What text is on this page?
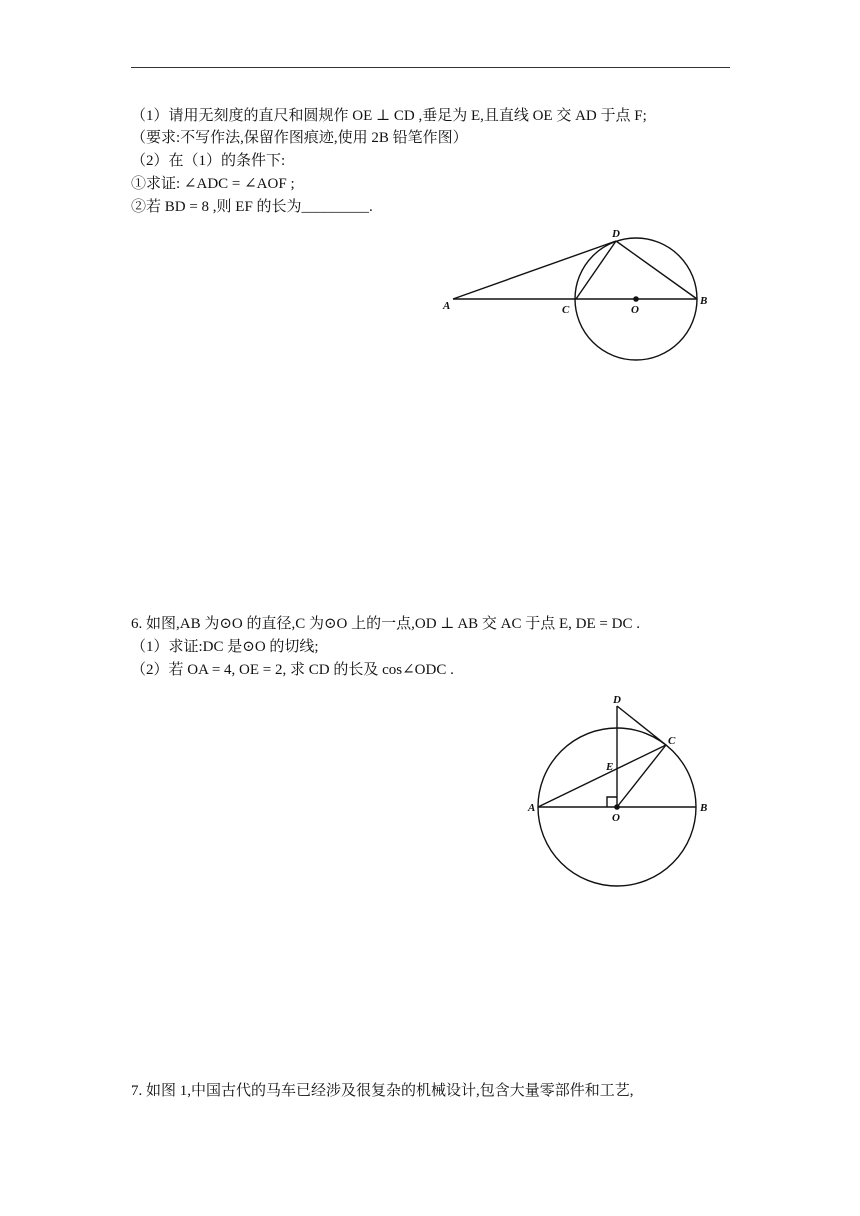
（1）请用无刻度的直尺和圆规作 OE ⊥ CD ,垂足为 E,且直线 OE 交 AD 于点 F;
（要求:不写作法,保留作图痕迹,使用 2B 铅笔作图）
（2）在（1）的条件下:
①求证: ∠ADC = ∠AOF ;
②若 BD = 8 ,则 EF 的长为_________.
A	B
C
D
O
6. 如图,AB 为⊙O 的直径,C 为⊙O 上的一点,OD ⊥ AB 交 AC 于点 E, DE = DC .
（1）求证:DC 是⊙O 的切线;
（2）若 OA = 4, OE = 2, 求 CD 的长及 cos∠ODC .
A	B
C
D
E
O
7. 如图 1,中国古代的马车已经涉及很复杂的机械设计,包含大量零部件和工艺,
